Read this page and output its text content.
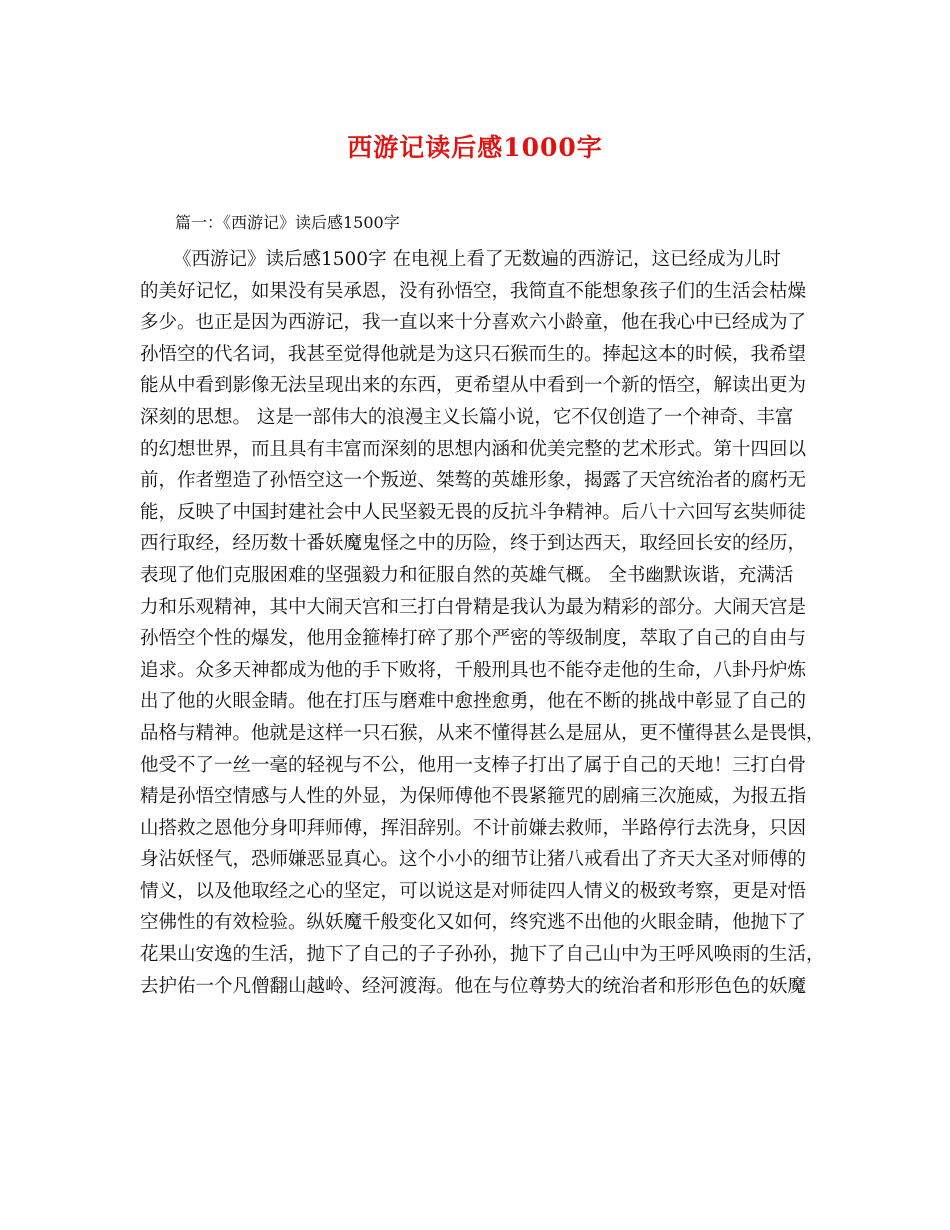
西游记读后感1000字
篇一：《西游记》读后感1500字
《西游记》读后感1500字 在电视上看了无数遍的西游记，这已经成为儿时
的美好记忆，如果没有吴承恩，没有孙悟空，我简直不能想象孩子们的生活会枯燥
多少。也正是因为西游记，我一直以来十分喜欢六小龄童，他在我心中已经成为了
孙悟空的代名词，我甚至觉得他就是为这只石猴而生的。捧起这本的时候，我希望
能从中看到影像无法呈现出来的东西，更希望从中看到一个新的悟空，解读出更为
深刻的思想。 这是一部伟大的浪漫主义长篇小说，它不仅创造了一个神奇、丰富
的幻想世界，而且具有丰富而深刻的思想内涵和优美完整的艺术形式。第十四回以
前，作者塑造了孙悟空这一个叛逆、桀骜的英雄形象，揭露了天宫统治者的腐朽无
能，反映了中国封建社会中人民坚毅无畏的反抗斗争精神。后八十六回写玄奘师徒
西行取经，经历数十番妖魔鬼怪之中的历险，终于到达西天，取经回长安的经历，
表现了他们克服困难的坚强毅力和征服自然的英雄气概。 全书幽默诙谐，充满活
力和乐观精神，其中大闹天宫和三打白骨精是我认为最为精彩的部分。大闹天宫是
孙悟空个性的爆发，他用金箍棒打碎了那个严密的等级制度，萃取了自己的自由与
追求。众多天神都成为他的手下败将，千般刑具也不能夺走他的生命，八卦丹炉炼
出了他的火眼金睛。他在打压与磨难中愈挫愈勇，他在不断的挑战中彰显了自己的
品格与精神。他就是这样一只石猴，从来不懂得甚么是屈从，更不懂得甚么是畏惧，
他受不了一丝一毫的轻视与不公，他用一支棒子打出了属于自己的天地！三打白骨
精是孙悟空情感与人性的外显，为保师傅他不畏紧箍咒的剧痛三次施威，为报五指
山搭救之恩他分身叩拜师傅，挥泪辞别。不计前嫌去救师，半路停行去洗身，只因
身沾妖怪气，恐师嫌恶显真心。这个小小的细节让猪八戒看出了齐天大圣对师傅的
情义，以及他取经之心的坚定，可以说这是对师徒四人情义的极致考察，更是对悟
空佛性的有效检验。纵妖魔千般变化又如何，终究逃不出他的火眼金睛，他抛下了
花果山安逸的生活，抛下了自己的子子孙孙，抛下了自己山中为王呼风唤雨的生活，
去护佑一个凡僧翻山越岭、经河渡海。他在与位尊势大的统治者和形形色色的妖魔
